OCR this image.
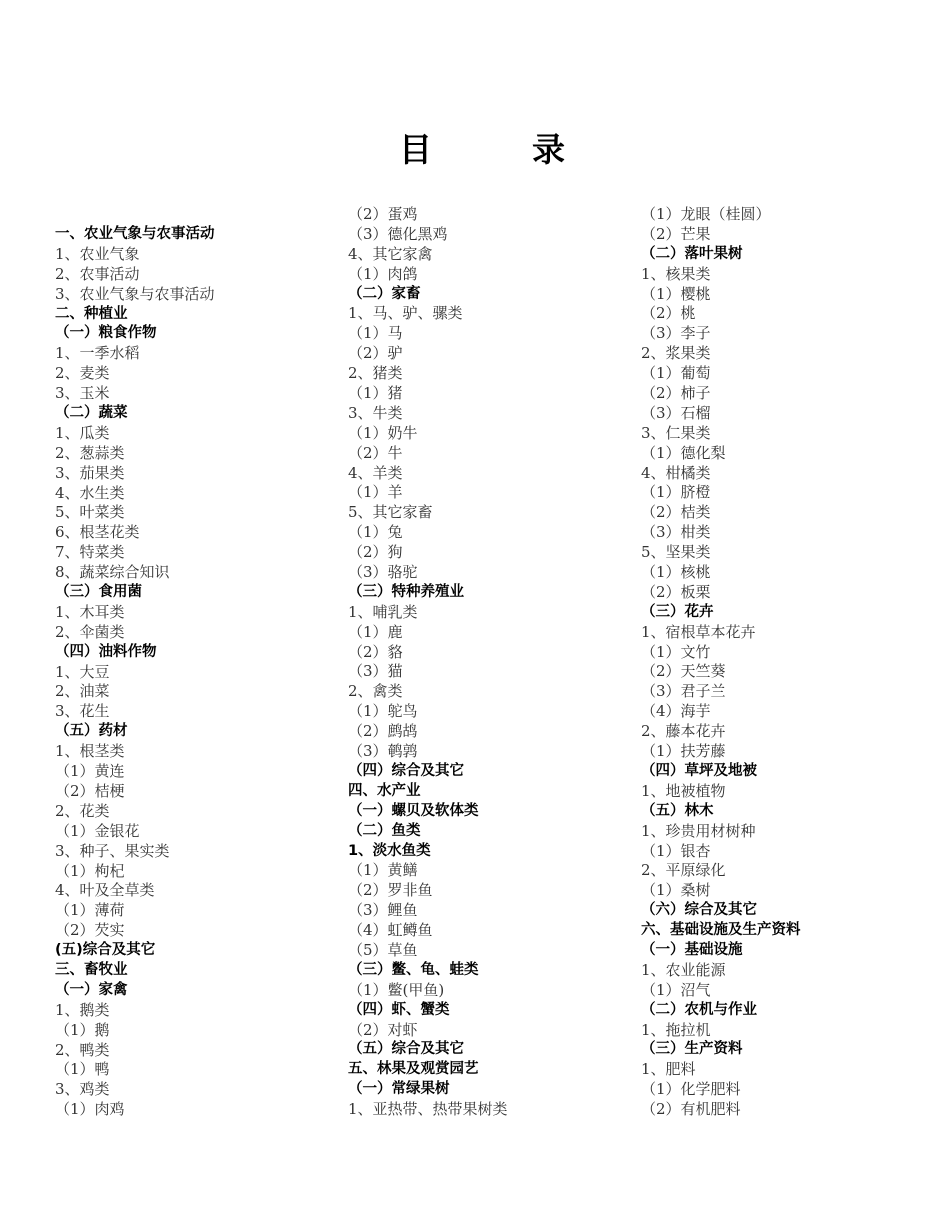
目	录
一、农业气象与农事活动
1、农业气象
2、农事活动
3、农业气象与农事活动
二、种植业
（一）粮食作物
1、一季水稻
2、麦类
3、玉米
（二）蔬菜
1、瓜类
2、葱蒜类
3、茄果类
4、水生类
5、叶菜类
6、根茎花类
7、特菜类
8、蔬菜综合知识
（三）食用菌
1、木耳类
2、伞菌类
（四）油料作物
1、大豆
2、油菜
3、花生
（五）药材
1、根茎类
（1）黄连
（2）桔梗
2、花类
（1）金银花
3、种子、果实类
（1）枸杞
4、叶及全草类
（1）薄荷
（2）芡实
(五)综合及其它
三、畜牧业
（一）家禽
1、鹅类
（1）鹅
2、鸭类
（1）鸭
3、鸡类
（1）肉鸡
（2）蛋鸡
（3）德化黑鸡
4、其它家禽
（1）肉鸽
（二）家畜
1、马、驴、骡类
（1）马
（2）驴
2、猪类
（1）猪
3、牛类
（1）奶牛
（2）牛
4、羊类
（1）羊
5、其它家畜
（1）兔
（2）狗
（3）骆驼
（三）特种养殖业
1、哺乳类
（1）鹿
（2）貉
（3）猫
2、禽类
（1）鸵鸟
（2）鹧鸪
（3）鹌鹑
（四）综合及其它
四、水产业
（一）螺贝及软体类
（二）鱼类
1、淡水鱼类
（1）黄鳝
（2）罗非鱼
（3）鲤鱼
（4）虹鳟鱼
（5）草鱼
（三）鳖、龟、蛙类
（1）鳖(甲鱼)
（四）虾、蟹类
（2）对虾
（五）综合及其它
五、林果及观赏园艺
（一）常绿果树
1、亚热带、热带果树类
（1）龙眼（桂圆）
（2）芒果
（二）落叶果树
1、核果类
（1）樱桃
（2）桃
（3）李子
2、浆果类
（1）葡萄
（2）柿子
（3）石榴
3、仁果类
（1）德化梨
4、柑橘类
（1）脐橙
（2）桔类
（3）柑类
5、坚果类
（1）核桃
（2）板栗
（三）花卉
1、宿根草本花卉
（1）文竹
（2）天竺葵
（3）君子兰
（4）海芋
2、藤本花卉
（1）扶芳藤
（四）草坪及地被
1、地被植物
（五）林木
1、珍贵用材树种
（1）银杏
2、平原绿化
（1）桑树
（六）综合及其它
六、基础设施及生产资料
（一）基础设施
1、农业能源
（1）沼气
（二）农机与作业
1、拖拉机
（三）生产资料
1、肥料
（1）化学肥料
（2）有机肥料
